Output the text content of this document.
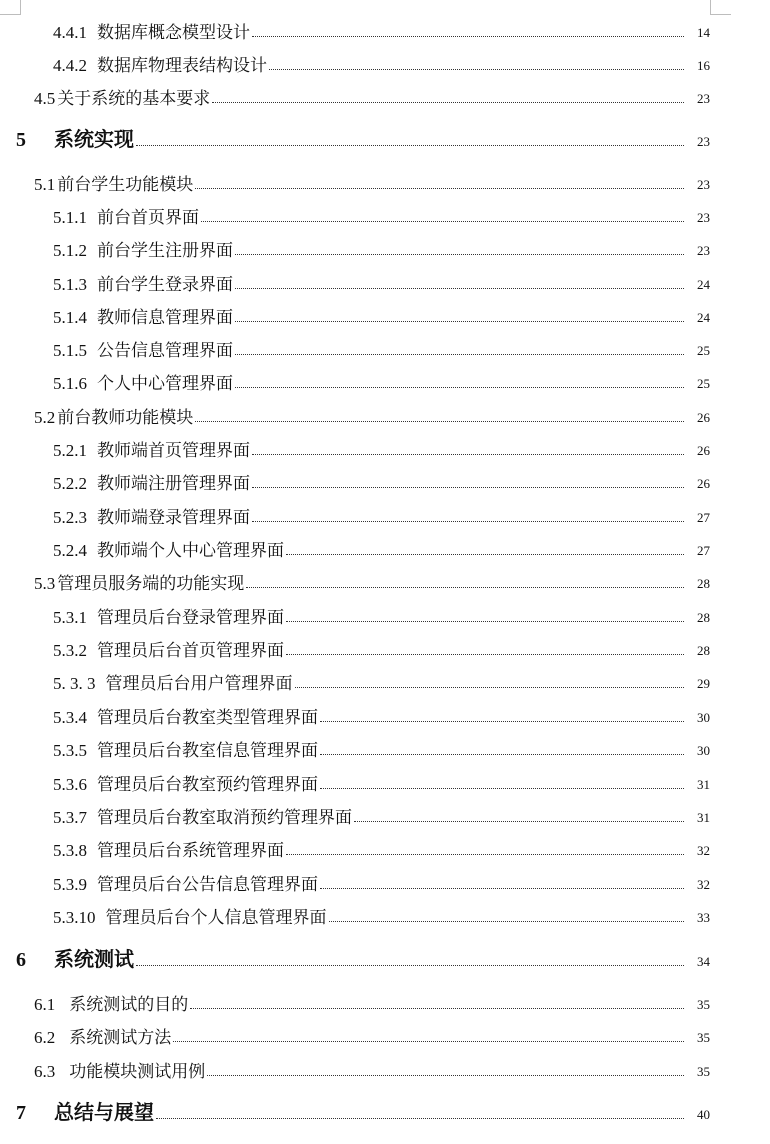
4.4.1 数据库概念模型设计	14
4.4.2 数据库物理表结构设计	16
4.5 关于系统的基本要求	23
5 系统实现	23
5.1 前台学生功能模块	23
5.1.1 前台首页界面	23
5.1.2 前台学生注册界面	23
5.1.3 前台学生登录界面	24
5.1.4 教师信息管理界面	24
5.1.5 公告信息管理界面	25
5.1.6 个人中心管理界面	25
5.2 前台教师功能模块	26
5.2.1 教师端首页管理界面	26
5.2.2 教师端注册管理界面	26
5.2.3 教师端登录管理界面	27
5.2.4 教师端个人中心管理界面	27
5.3 管理员服务端的功能实现	28
5.3.1 管理员后台登录管理界面	28
5.3.2 管理员后台首页管理界面	28
5. 3. 3 管理员后台用户管理界面	29
5.3.4 管理员后台教室类型管理界面	30
5.3.5 管理员后台教室信息管理界面	30
5.3.6 管理员后台教室预约管理界面	31
5.3.7 管理员后台教室取消预约管理界面	31
5.3.8 管理员后台系统管理界面	32
5.3.9 管理员后台公告信息管理界面	32
5.3.10 管理员后台个人信息管理界面	33
6 系统测试	34
6.1 系统测试的目的	35
6.2 系统测试方法	35
6.3 功能模块测试用例	35
7 总结与展望	40
